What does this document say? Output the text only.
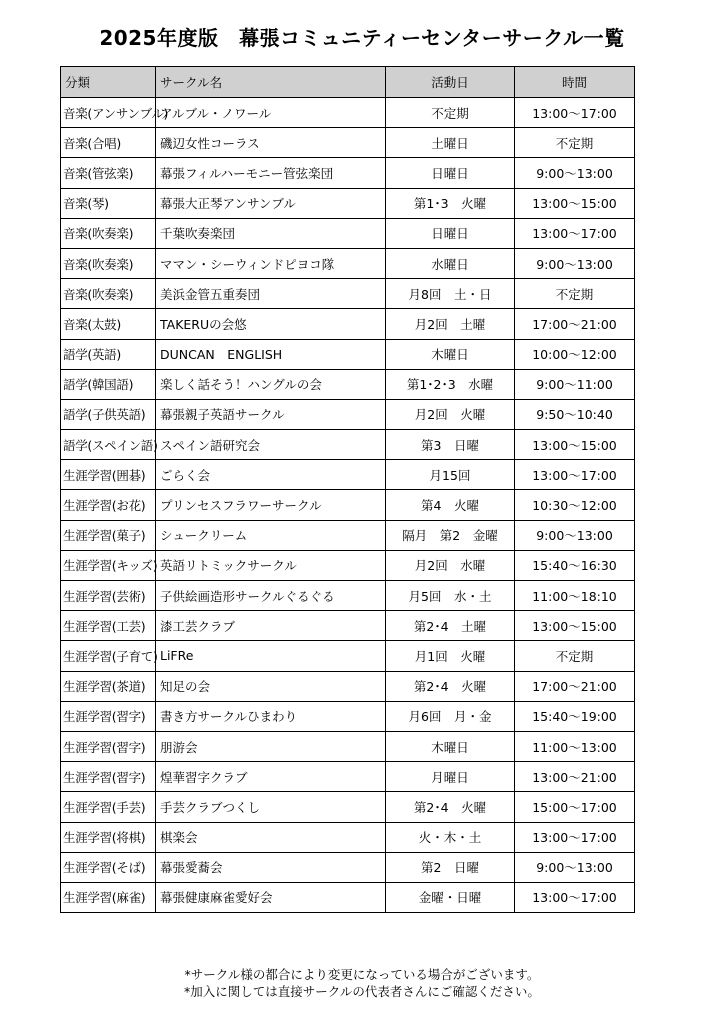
2025年度版　幕張コミュニティーセンターサークル一覧
分類	サークル名	活動日	時間
音楽(アンサンブル)	アルブル・ノワール	不定期	13:00〜17:00
音楽(合唱)	磯辺女性コーラス	土曜日	不定期
音楽(管弦楽)	幕張フィルハーモニー管弦楽団	日曜日	9:00〜13:00
音楽(琴)	幕張大正琴アンサンブル	第1･3　火曜	13:00〜15:00
音楽(吹奏楽)	千葉吹奏楽団	日曜日	13:00〜17:00
音楽(吹奏楽)	ママン・シーウィンドピヨコ隊	水曜日	9:00〜13:00
音楽(吹奏楽)	美浜金管五重奏団	月8回　土・日	不定期
音楽(太鼓)	TAKERUの会悠	月2回　土曜	17:00〜21:00
語学(英語)	DUNCAN　ENGLISH	木曜日	10:00〜12:00
語学(韓国語)	楽しく話そう！ハングルの会	第1･2･3　水曜	9:00〜11:00
語学(子供英語)	幕張親子英語サークル	月2回　火曜	9:50〜10:40
語学(スペイン語)	スペイン語研究会	第3　日曜	13:00〜15:00
生涯学習(囲碁)	ごらく会	月15回	13:00〜17:00
生涯学習(お花)	プリンセスフラワーサークル	第4　火曜	10:30〜12:00
生涯学習(菓子)	シュークリーム	隔月　第2　金曜	9:00〜13:00
生涯学習(キッズ)	英語リトミックサークル	月2回　水曜	15:40〜16:30
生涯学習(芸術)	子供絵画造形サークルぐるぐる	月5回　水・土	11:00〜18:10
生涯学習(工芸)	漆工芸クラブ	第2･4　土曜	13:00〜15:00
生涯学習(子育て)	LiFRe	月1回　火曜	不定期
生涯学習(茶道)	知足の会	第2･4　火曜	17:00〜21:00
生涯学習(習字)	書き方サークルひまわり	月6回　月・金	15:40〜19:00
生涯学習(習字)	朋游会	木曜日	11:00〜13:00
生涯学習(習字)	煌華習字クラブ	月曜日	13:00〜21:00
生涯学習(手芸)	手芸クラブつくし	第2･4　火曜	15:00〜17:00
生涯学習(将棋)	棋楽会	火・木・土	13:00〜17:00
生涯学習(そば)	幕張愛蕎会	第2　日曜	9:00〜13:00
生涯学習(麻雀)	幕張健康麻雀愛好会	金曜・日曜	13:00〜17:00
*サークル様の都合により変更になっている場合がございます。
*加入に関しては直接サークルの代表者さんにご確認ください。
